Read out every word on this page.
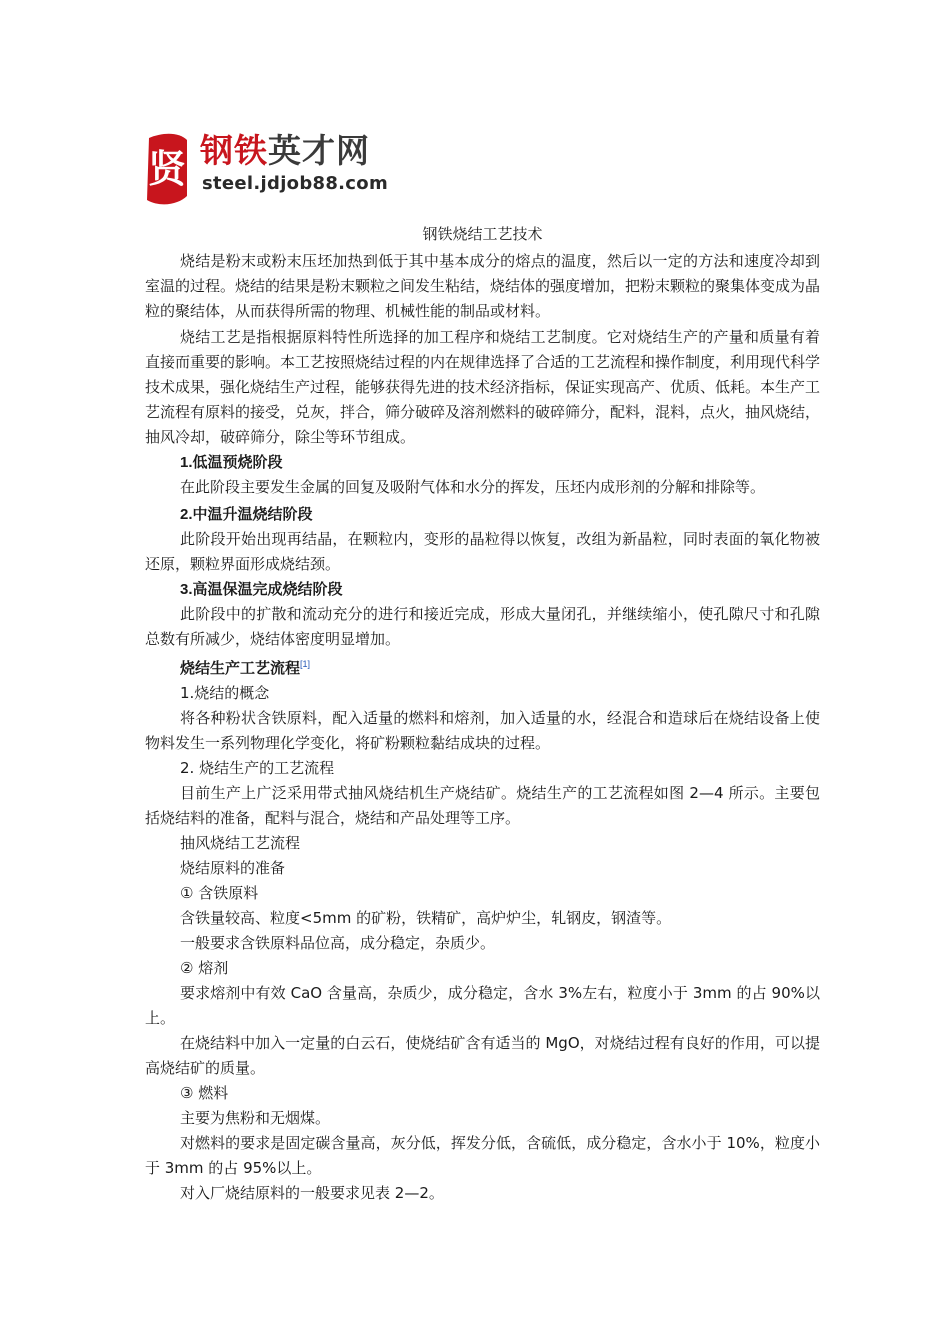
贤 钢铁英才网
steel.jdjob88.com
钢铁烧结工艺技术

烧结是粉末或粉末压坯加热到低于其中基本成分的熔点的温度，然后以一定的方法和速度冷却到室温的过程。烧结的结果是粉末颗粒之间发生粘结，烧结体的强度增加，把粉末颗粒的聚集体变成为晶粒的聚结体，从而获得所需的物理、机械性能的制品或材料。

烧结工艺是指根据原料特性所选择的加工程序和烧结工艺制度。它对烧结生产的产量和质量有着直接而重要的影响。本工艺按照烧结过程的内在规律选择了合适的工艺流程和操作制度，利用现代科学技术成果，强化烧结生产过程，能够获得先进的技术经济指标，保证实现高产、优质、低耗。本生产工艺流程有原料的接受，兑灰，拌合，筛分破碎及溶剂燃料的破碎筛分，配料，混料，点火，抽风烧结，抽风冷却，破碎筛分，除尘等环节组成。

1.低温预烧阶段

在此阶段主要发生金属的回复及吸附气体和水分的挥发，压坯内成形剂的分解和排除等。

2.中温升温烧结阶段

此阶段开始出现再结晶，在颗粒内，变形的晶粒得以恢复，改组为新晶粒，同时表面的氧化物被还原，颗粒界面形成烧结颈。

3.高温保温完成烧结阶段

此阶段中的扩散和流动充分的进行和接近完成，形成大量闭孔，并继续缩小，使孔隙尺寸和孔隙总数有所减少，烧结体密度明显增加。

烧结生产工艺流程[1]

1.烧结的概念

将各种粉状含铁原料，配入适量的燃料和熔剂，加入适量的水，经混合和造球后在烧结设备上使物料发生一系列物理化学变化，将矿粉颗粒黏结成块的过程。

2. 烧结生产的工艺流程

目前生产上广泛采用带式抽风烧结机生产烧结矿。烧结生产的工艺流程如图 2—4 所示。主要包括烧结料的准备，配料与混合，烧结和产品处理等工序。

抽风烧结工艺流程

烧结原料的准备

① 含铁原料

含铁量较高、粒度<5mm 的矿粉，铁精矿，高炉炉尘，轧钢皮，钢渣等。

一般要求含铁原料品位高，成分稳定，杂质少。

② 熔剂

要求熔剂中有效 CaO 含量高，杂质少，成分稳定，含水 3%左右，粒度小于 3mm 的占 90%以上。

在烧结料中加入一定量的白云石，使烧结矿含有适当的 MgO，对烧结过程有良好的作用，可以提高烧结矿的质量。

③ 燃料

主要为焦粉和无烟煤。

对燃料的要求是固定碳含量高，灰分低，挥发分低，含硫低，成分稳定，含水小于 10%，粒度小于 3mm 的占 95%以上。

对入厂烧结原料的一般要求见表 2—2。
